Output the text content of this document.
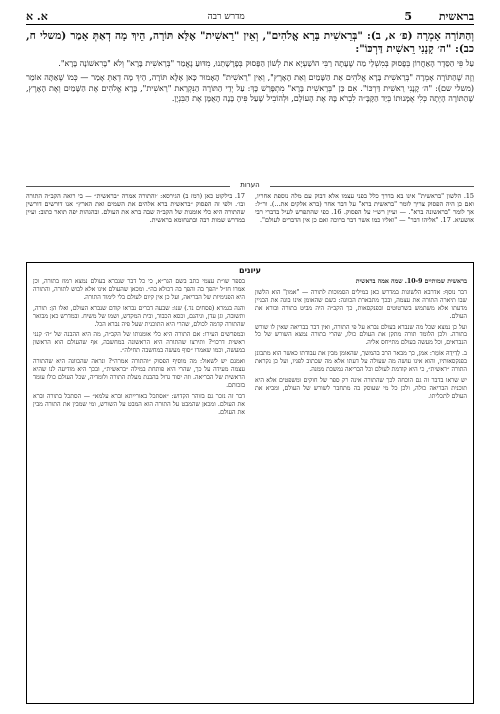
א. א	מדרש רבה	בראשית       5

וְהַתּוֹרָה אָמְרָה (פ׳ א, ב): "בְּרֵאשִׁית בָּרָא אֱלֹהִים", וְאֵין "רֵאשִׁית" אֶלָּא תּוֹרָה, הֵיךְ מָה דְאַתְּ אָמַר (משלי ח, כב): "ה׳ קָנָנִי רֵאשִׁית דַּרְכּוֹ":

עַל פִּי הַסֵּדֶר הָאַחֲרוֹן בְּפָסוּק בְּמִשְׁלֵי מַה שֶׁעָתָה רַבִּי הוֹשַׁעְיָא את לְשׁוֹן הַפָּסוּק בְּפָרָשָׁתֵנוּ, מִדּוּעַ נֶאֱמַר "בְּרֵאשִׁית בָּרָא" וְלֹא "בָּרִאשׁוֹנָה בָּרָא".

וְזֶה שֶׁהַתּוֹרָה אָמְרָה "בְּרֵאשִׁית בָּרָא אֱלֹהִים אֵת הַשָּׁמַיִם וְאֵת הָאָרֶץ", וְאֵין "רֵאשִׁית" הָאָמוּר כָּאן אֶלָּא תּוֹרָה, הֵיךְ מָה דְאַתְּ אָמַר — כְּמוֹ שֶׁאַתָּה אוֹמֵר (משלי שם): "ה׳ קָנָנִי רֵאשִׁית דַּרְכּוֹ". אִם כֵּן "בְּרֵאשִׁית בָּרָא" מִתְפָּרֵשׁ כָּךְ: עַל יְדֵי הַתּוֹרָה הַנִּקְרֵאת "רֵאשִׁית", בָּרָא אֱלֹהִים אֶת הַשָּׁמַיִם וְאֶת הָאָרֶץ, שֶׁהַתּוֹרָה הָיְתָה כְּלִי אֻמָּנוּתוֹ בְּיַד הַקָּבָּ״ה לִבְרֹא בָּהּ אֶת הָעוֹלָם, וּלְהוֹבִיל שֶׁעַל פִּיהָ בָּנָה הָאֻמָּן אֶת הַבִּנְיָן.

הערות

15. הלשון "בראשית" אינו בא בדרך כלל בפני עצמו אלא דבוק עם מלה נוספת אחריו, ואם כן היה הפסוק צריך לומר "בראשית ברא" על דבר אחר (ברא אלקים את...). ור״ל: אך לומר "בראשונה ברא". — ועיין רש״י על הפסוק. 16. כפי שהתפרש לעיל בדברי רבי אושעיא. 17. "אליהו דבר" — "ואליו כמו אשר דבר ברוכה ואם כן אין הדברים לעולם".

17. בילקוט כאן (רמז ב) הגירסא: ׳והתורה אמרה ״בראשית״ — בי רואה הקב״ה התורה ובו׳. ולפי זה הפסוק ״בראשית ברא אלהים את השמים ואת הארץ״ אנו דורשים דורשין שהתורה היא כלי אומנות של הקב״ה שבה ברא את העולם. ובהגהות יפה תואר כתוב: ועיין במדרש שמות רבה ובתנחומא בראשית.

עיונים

בראשית שמותיים 10-9. שמה אמה בראשית

דבר נוסף: אדרבא הלשונות במדרש כאן במילים הסמוכות לתורה — "אמון" הוא הלשון שבו תיארה התורה את עצמה, ובכך מתבארת הכוונה: כשם שהאומן אינו בונה את הבניין מדעתו אלא משתמש בשרטוטים ובפנקסאות, כך הקב״ה היה מביט בתורה ובורא את העולם.

ועל כן נמצא שכל מה שנברא בעולם נברא על פי התורה, ואין דבר בבריאה שאין לו שורש בתורה. ולכן הלומד תורה מתקן את העולם כולו, שהרי בתורה נמצא השורש של כל הנבראים, וכל מעשה בעולם מתייחס אליה.

ב. לְדִידֵהּ אוֹמֵר: אמן, כך מבאר הרב בהמשך, שהאומן מבין את עבודתו כאשר הוא מתבונן בפנקסאותיו, והוא אינו עושה מה שעולה על דעתו אלא מה שכתוב לפניו, ועל כן נקראת התורה ״ראשית״, כי היא קודמת לעולם וכל הבריאה נמשכת ממנה.

יש שראו בדבר זה גם הוכחה לכך שהתורה אינה רק ספר של חוקים ומשפטים אלא היא תוכנית הבריאה כולה, ולכן כל מי שעוסק בה מתחבר לשורש של העולם, ומביא את העולם לתכליתו.

בספר שו״ת עצמי כתב בשם הגר״א, כי כל דבר שנברא בעולם נמצא רמוז בתורה, וכן אמרו חז״ל ״הפך בה והפך בה דכולא בה״. ומכאן שהעולם אינו אלא לבוש לתורה, והתורה היא הפנימיות של הבריאה, ועל כן אין קיום לעולם בלי לימוד התורה.

והנה בגמרא (פסחים נד.) שנו: שבעה דברים נבראו קודם שנברא העולם, ואלו הן: תורה, ותשובה, וגן עדן, וגיהנם, וכסא הכבוד, ובית המקדש, ושמו של משיח. ובמדרש כאן מבואר שהתורה קדמה לכולם, שהרי היא התוכנית שעל פיה נברא הכל.

ובמפרשים העירו: אם התורה היא כלי אומנותו של הקב״ה, מה היא ההבנה של ״ה׳ קנני ראשית דרכו״? ותירצו שהתורה היא הראשונה במחשבה, אף שהעולם הוא הראשון במעשה, וכמו שאמרו ״סוף מעשה במחשבה תחילה״.

ואמנם יש לשאול: מה מוסיף הפסוק ״והתורה אמרה״? ונראה שהכוונה היא שהתורה עצמה מעידה על כך, שהרי היא פותחת במילה ״בראשית״, ובכך היא מודיעה לנו שהיא הראשית של הבריאה. וזה יסוד גדול בהבנת מעלת התורה ולומדיה, שכל העולם כולו עומד בזכותם.

דבר זה נזכר גם בזוהר הקדוש: ״אסתכל באורייתא וברא עלמא״ — הסתכל בתורה וברא את העולם. ומכאן שהמבט על התורה הוא המבט על השורש, ומי שמבין את התורה מבין את העולם.
